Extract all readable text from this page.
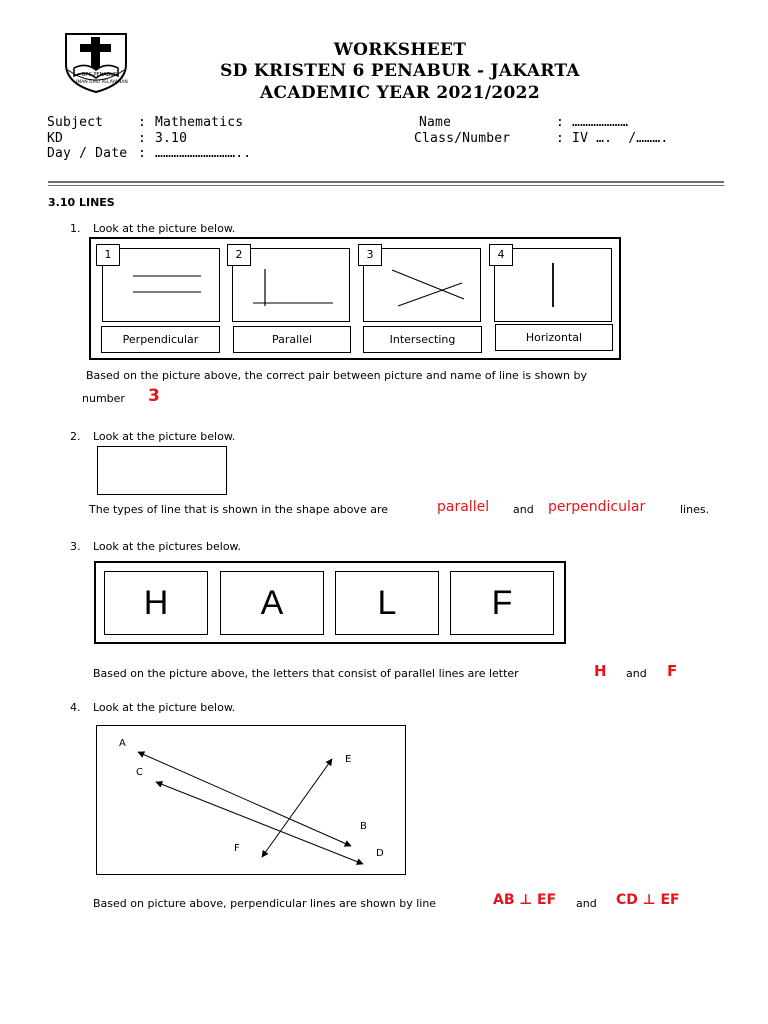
BPK PENABUR
IMAN ILMU PELAYANAN
WORKSHEET
SD KRISTEN 6 PENABUR - JAKARTA
ACADEMIC YEAR 2021/2022
Subject	: Mathematics
KD	: 3.10
Day / Date : …………………………..
Name	: …………………
Class/Number	: IV ….  /……….
3.10 LINES
1. Look at the picture below.
1	2	3	4
Perpendicular	Parallel	Intersecting	Horizontal
Based on the picture above, the correct pair between picture and name of line is shown by
number 3
2. Look at the picture below.
The types of line that is shown in the shape above are	parallel and perpendicular	lines.
3. Look at the pictures below.
H	A	L	F
Based on the picture above, the letters that consist of parallel lines are letter	H and F
4. Look at the picture below.
A
C
E
B
F	D
Based on picture above, perpendicular lines are shown by line	AB ⊥ EF and CD ⊥ EF
